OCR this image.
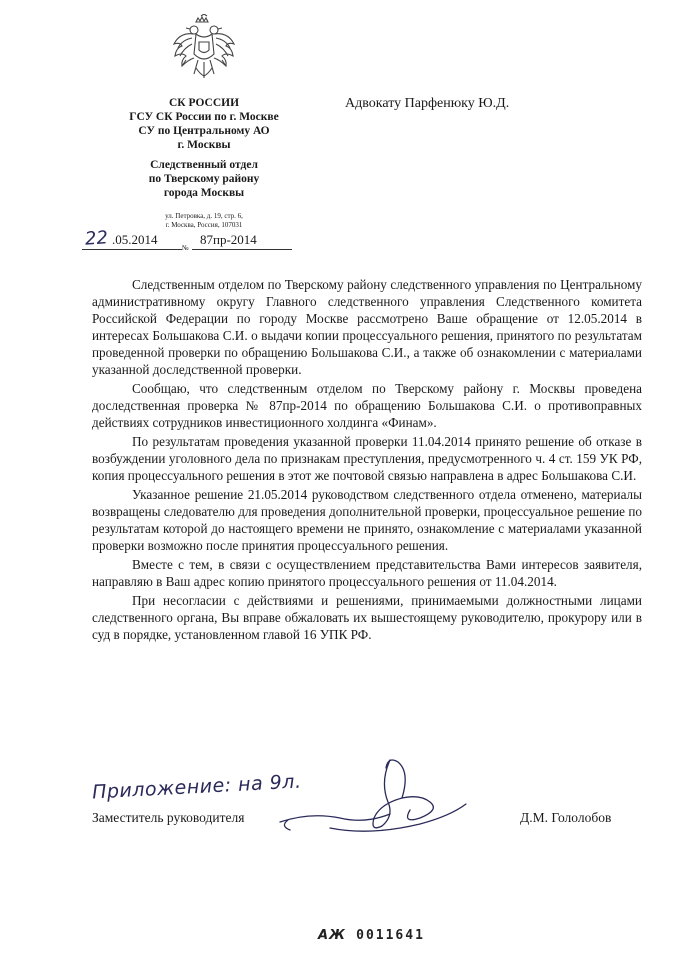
СК РОССИИ
ГСУ СК России по г. Москве
СУ по Центральному АО
г. Москвы
Следственный отдел
по Тверскому району
города Москвы
ул. Петровка, д. 19, стр. 6,
г. Москва, Россия, 107031
22 .05.2014	87пр-2014
№
Адвокату Парфенюку Ю.Д.

Следственным отделом по Тверскому району следственного управления по Центральному административному округу Главного следственного управления Следственного комитета Российской Федерации по городу Москве рассмотрено Ваше обращение от 12.05.2014 в интересах Большакова С.И. о выдачи копии процессуального решения, принятого по результатам проведенной проверки по обращению Большакова С.И., а также об ознакомлении с материалами указанной доследственной проверки.

Сообщаю, что следственным отделом по Тверскому району г. Москвы проведена доследственная проверка № 87пр-2014 по обращению Большакова С.И. о противоправных действиях сотрудников инвестиционного холдинга «Финам».

По результатам проведения указанной проверки 11.04.2014 принято решение об отказе в возбуждении уголовного дела по признакам преступления, предусмотренного ч. 4 ст. 159 УК РФ, копия процессуального решения в этот же почтовой связью направлена в адрес Большакова С.И.

Указанное решение 21.05.2014 руководством следственного отдела отменено, материалы возвращены следователю для проведения дополнительной проверки, процессуальное решение по результатам которой до настоящего времени не принято, ознакомление с материалами указанной проверки возможно после принятия процессуального решения.

Вместе с тем, в связи с осуществлением представительства Вами интересов заявителя, направляю в Ваш адрес копию принятого процессуального решения от 11.04.2014.

При несогласии с действиями и решениями, принимаемыми должностными лицами следственного органа, Вы вправе обжаловать их вышестоящему руководителю, прокурору или в суд в порядке, установленном главой 16 УПК РФ.

Приложение: на 9л.
Заместитель руководителя	Д.М. Гололобов
АЖ 0011641
